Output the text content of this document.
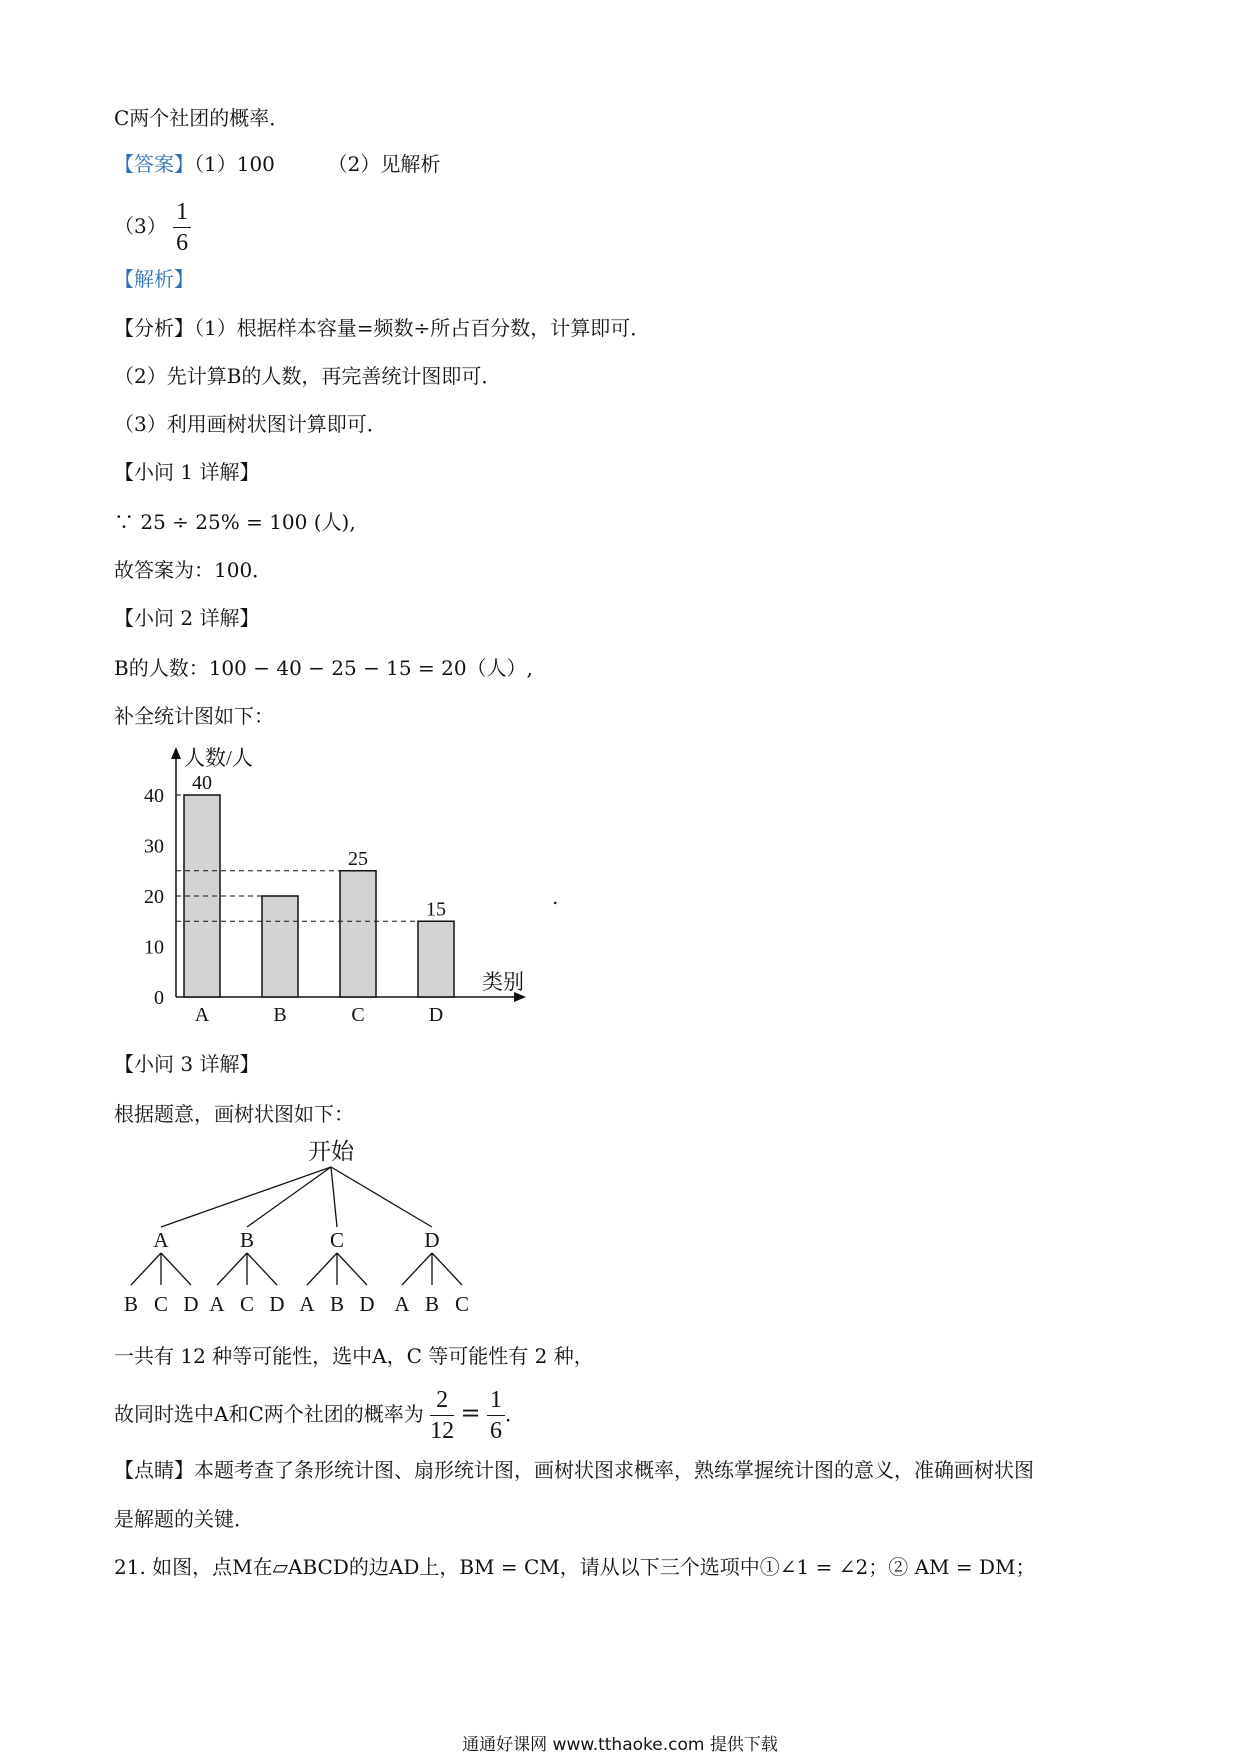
C两个社团的概率．
【答案】（1）100	（2）见解析
$(3) \frac{1}{6}$
【解析】
【分析】（1）根据样本容量=频数÷所占百分数，计算即可．
（2）先计算B的人数，再完善统计图即可．
（3）利用画树状图计算即可．
【小问 1 详解】
∵ 25 ÷ 25% = 100 (人),
故答案为：100．
【小问 2 详解】
B的人数：100 − 40 − 25 − 15 = 20（人）,
补全统计图如下：
人数/人
类别
0
10
20
30
40
A
40
B	C
25
D
15
.
【小问 3 详解】
根据题意，画树状图如下：
开始
A
B C D
B
A C D
C
A B D
D
A B C
一共有 12 种等可能性，选中A，C 等可能性有 2 种，
故同时选中A和C两个社团的概率为 $\frac{2}{12} = \frac{1}{6}$ ．
【点睛】本题考查了条形统计图、扇形统计图，画树状图求概率，熟练掌握统计图的意义，准确画树状图
是解题的关键．
21. 如图，点M在▱ABCD的边AD上，BM = CM，请从以下三个选项中①∠1 = ∠2；② AM = DM；
通通好课网 www.tthaoke.com 提供下载
